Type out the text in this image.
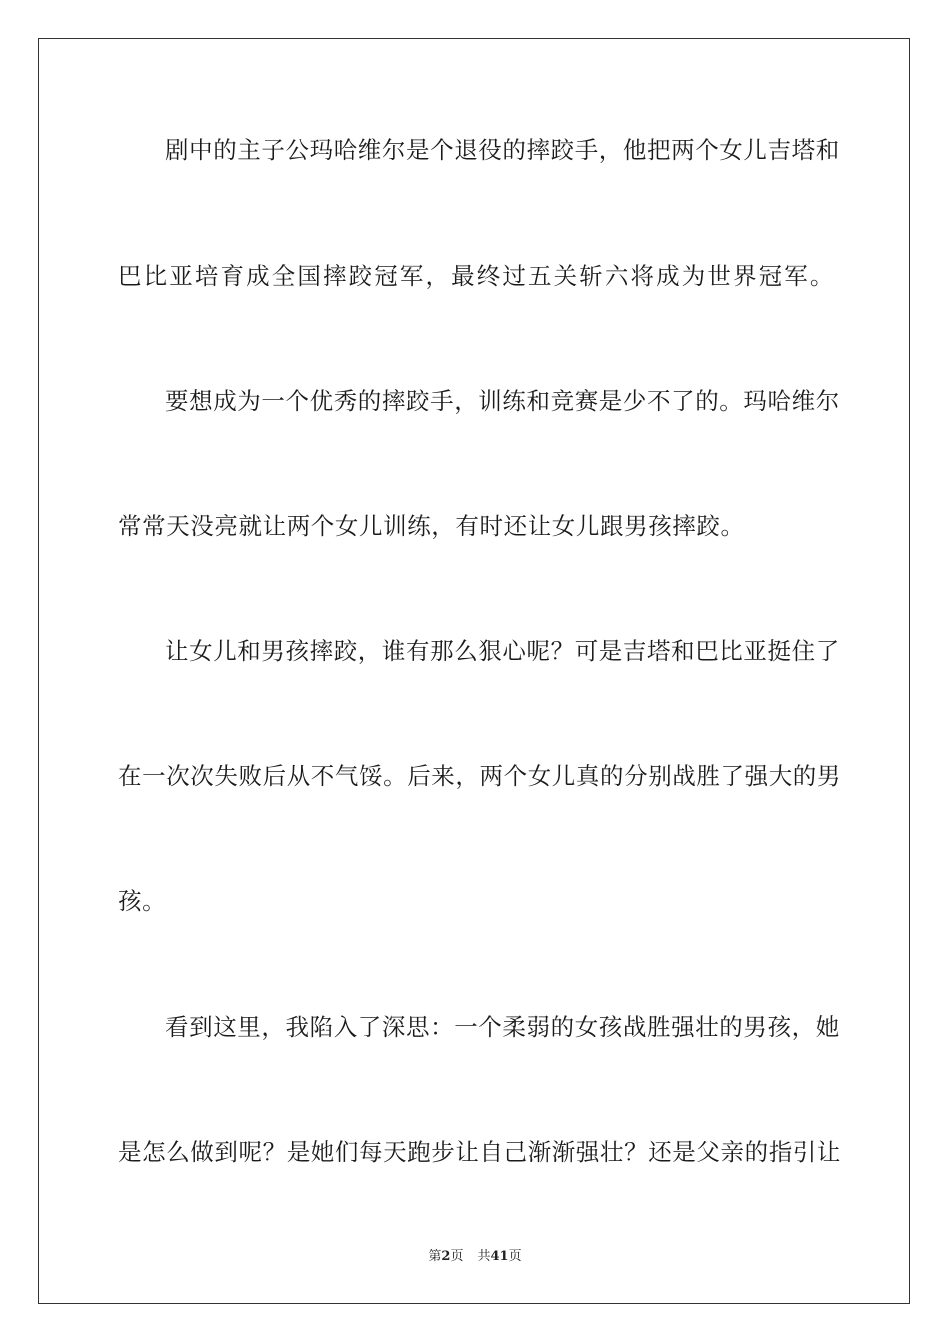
剧中的主子公玛哈维尔是个退役的摔跤手，他把两个女儿吉塔和
巴比亚培育成全国摔跤冠军，最终过五关斩六将成为世界冠军。
要想成为一个优秀的摔跤手，训练和竞赛是少不了的。玛哈维尔
常常天没亮就让两个女儿训练，有时还让女儿跟男孩摔跤。
让女儿和男孩摔跤，谁有那么狠心呢？可是吉塔和巴比亚挺住了
在一次次失败后从不气馁。后来，两个女儿真的分别战胜了强大的男
孩。
看到这里，我陷入了深思：一个柔弱的女孩战胜强壮的男孩，她
是怎么做到呢？是她们每天跑步让自己渐渐强壮？还是父亲的指引让
第2页 共41页
